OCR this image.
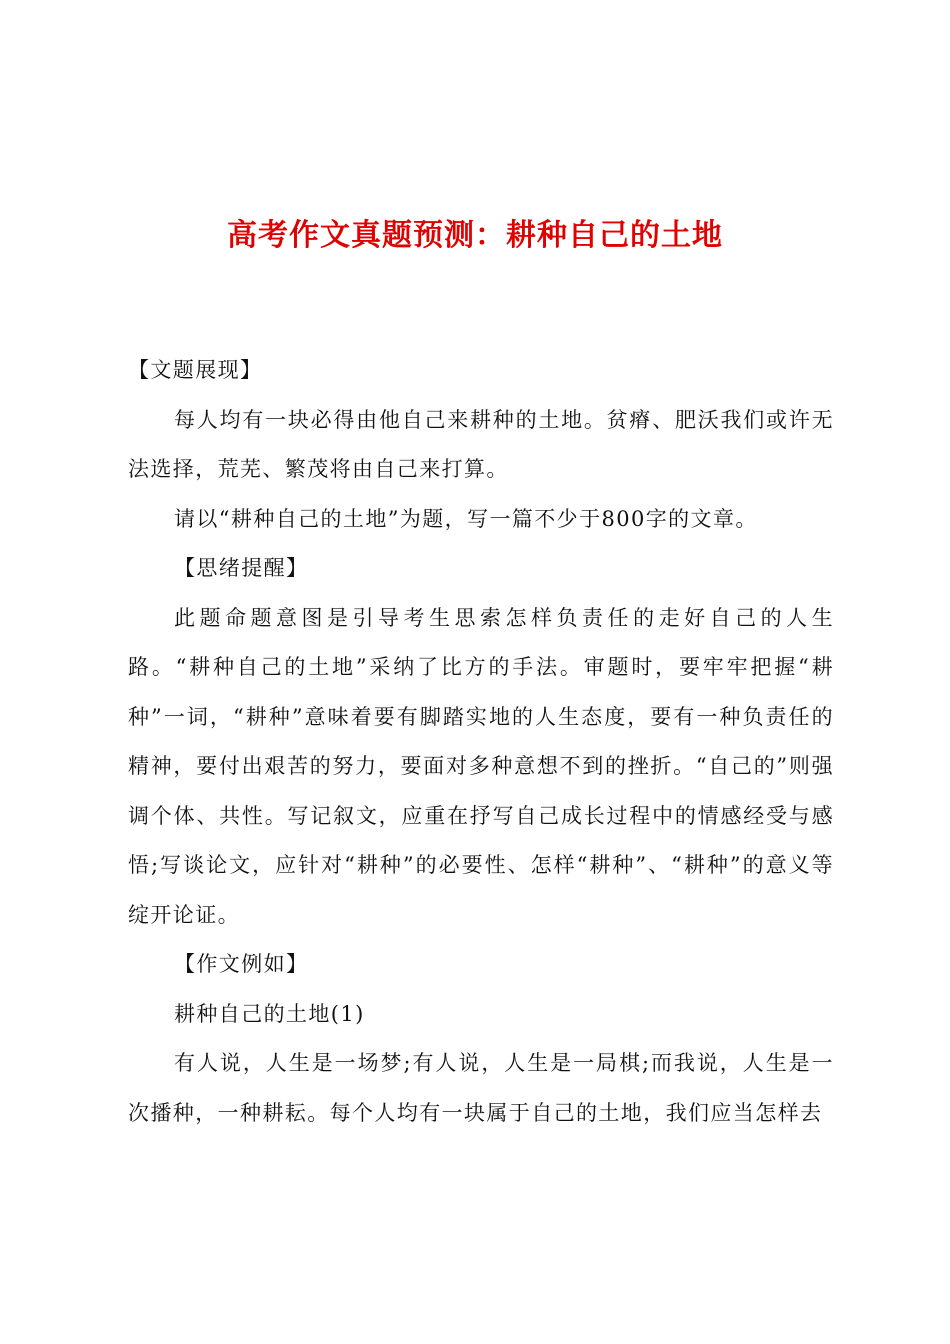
高考作文真题预测：耕种自己的土地

【文题展现】

每人均有一块必得由他自己来耕种的土地。贫瘠、肥沃我们或许无法选择，荒芜、繁茂将由自己来打算。

请以“耕种自己的土地”为题，写一篇不少于800字的文章。

【思绪提醒】

此题命题意图是引导考生思索怎样负责任的走好自己的人生路。“耕种自己的土地”采纳了比方的手法。审题时，要牢牢把握“耕种”一词，“耕种”意味着要有脚踏实地的人生态度，要有一种负责任的精神，要付出艰苦的努力，要面对多种意想不到的挫折。“自己的”则强调个体、共性。写记叙文，应重在抒写自己成长过程中的情感经受与感悟;写谈论文，应针对“耕种”的必要性、怎样“耕种”、“耕种”的意义等绽开论证。

【作文例如】

耕种自己的土地(1)

有人说，人生是一场梦;有人说，人生是一局棋;而我说，人生是一次播种，一种耕耘。每个人均有一块属于自己的土地，我们应当怎样去
